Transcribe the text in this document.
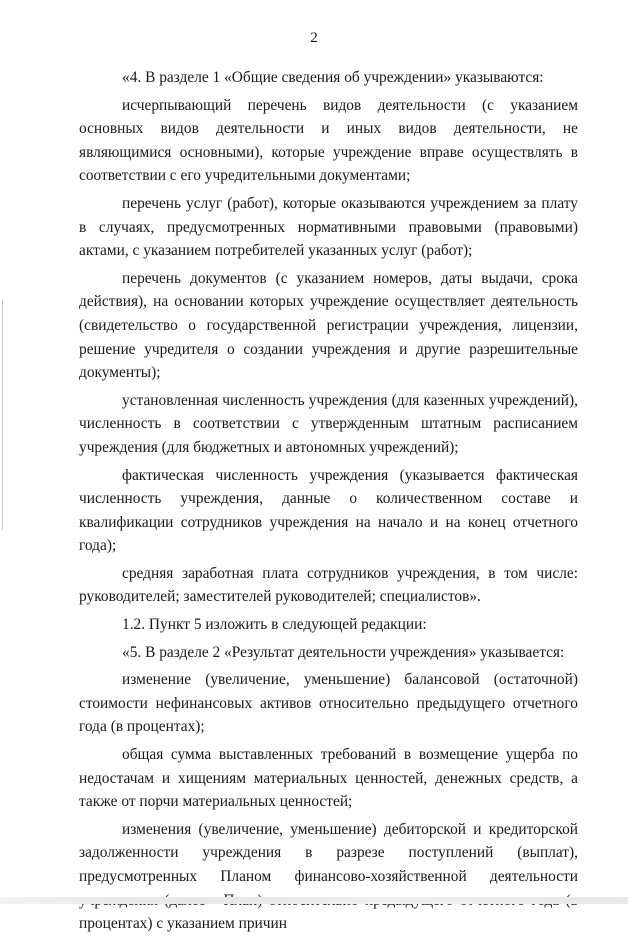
2

«4. В разделе 1 «Общие сведения об учреждении» указываются:

исчерпывающий перечень видов деятельности (с указанием основных видов деятельности и иных видов деятельности, не являющимися основными), которые учреждение вправе осуществлять в соответствии с его учредительными документами;

перечень услуг (работ), которые оказываются учреждением за плату в случаях, предусмотренных нормативными правовыми (правовыми) актами, с указанием потребителей указанных услуг (работ);

перечень документов (с указанием номеров, даты выдачи, срока действия), на основании которых учреждение осуществляет деятельность (свидетельство о государственной регистрации учреждения, лицензии, решение учредителя о создании учреждения и другие разрешительные документы);

установленная численность учреждения (для казенных учреждений), численность в соответствии с утвержденным штатным расписанием учреждения (для бюджетных и автономных учреждений);

фактическая численность учреждения (указывается фактическая численность учреждения, данные о количественном составе и квалификации сотрудников учреждения на начало и на конец отчетного года);

средняя заработная плата сотрудников учреждения, в том числе: руководителей; заместителей руководителей; специалистов».

1.2. Пункт 5 изложить в следующей редакции:

«5. В разделе 2 «Результат деятельности учреждения» указывается:

изменение (увеличение, уменьшение) балансовой (остаточной) стоимости нефинансовых активов относительно предыдущего отчетного года (в процентах);

общая сумма выставленных требований в возмещение ущерба по недостачам и хищениям материальных ценностей, денежных средств, а также от порчи материальных ценностей;

изменения (увеличение, уменьшение) дебиторской и кредиторской задолженности учреждения в разрезе поступлений (выплат), предусмотренных Планом финансово-хозяйственной деятельности процентах) с указанием причин
